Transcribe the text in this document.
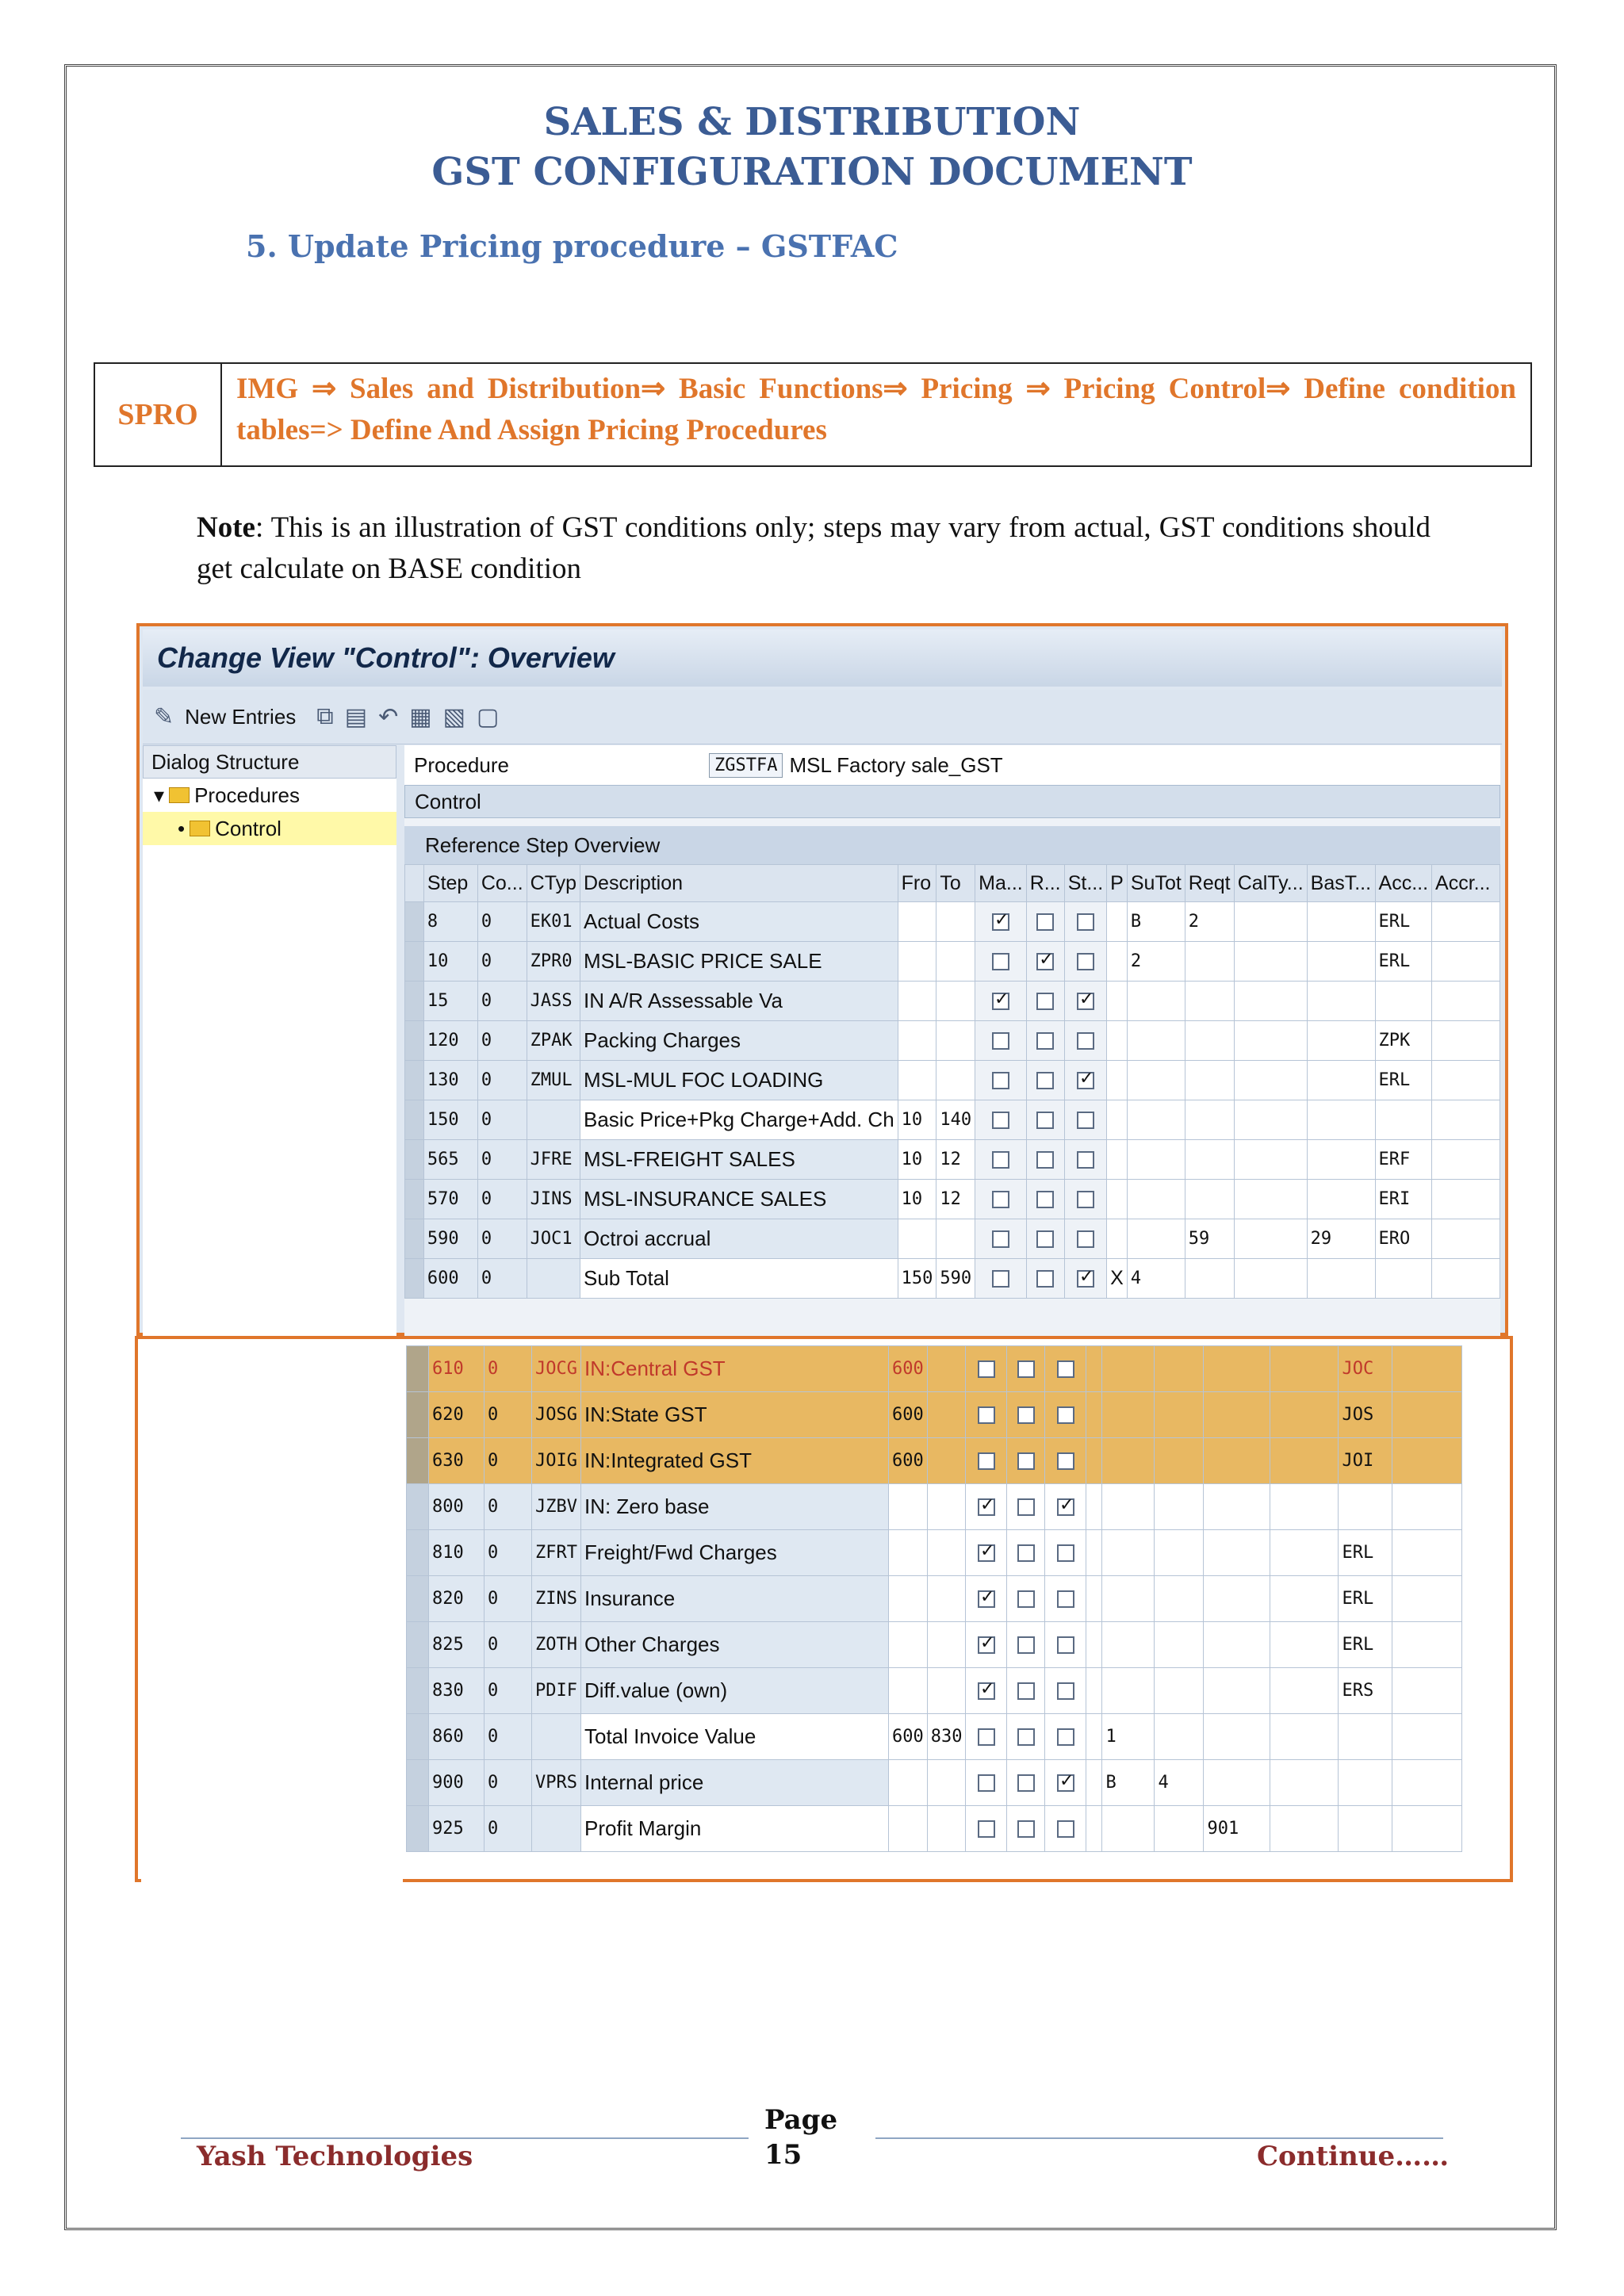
SALES & DISTRIBUTION
GST CONFIGURATION DOCUMENT
5. Update Pricing procedure – GSTFAC
SPRO
IMG ⇒ Sales and Distribution⇒ Basic Functions⇒ Pricing ⇒ Pricing Control⇒ Define condition tables=> Define And Assign Pricing Procedures
Note: This is an illustration of GST conditions only; steps may vary from actual, GST conditions should get calculate on BASE condition
Change View "Control": Overview
✎ New Entries ⧉ ▤ ↶ ▦ ▧ ▢
Dialog Structure
▾ Procedures
• Control
Procedure	ZGSTFA MSL Factory sale_GST
Control
Reference Step Overview
	Step	Co...	CTyp	Description	Fro	To	Ma...	R...	St...	P	SuTot	Reqt	CalTy...	BasT...	Acc...	Accr...
	8	0	EK01	Actual Costs			✓				B	2			ERL	
	10	0	ZPR0	MSL-BASIC PRICE SALE				✓			2				ERL	
	15	0	JASS	IN A/R Assessable Va			✓		✓							
	120	0	ZPAK	Packing Charges											ZPK	
	130	0	ZMUL	MSL-MUL FOC LOADING					✓						ERL	
	150	0		Basic Price+Pkg Charge+Add. Ch	10	140										
	565	0	JFRE	MSL-FREIGHT SALES	10	12									ERF	
	570	0	JINS	MSL-INSURANCE SALES	10	12									ERI	
	590	0	JOC1	Octroi accrual								59		29	ERO	
	600	0		Sub Total	150	590			✓	X	4					
	610	0	JOCG	IN:Central GST	600										JOC	
	620	0	JOSG	IN:State GST	600										JOS	
	630	0	JOIG	IN:Integrated GST	600										JOI	
	800	0	JZBV	IN: Zero base			✓		✓							
	810	0	ZFRT	Freight/Fwd Charges			✓								ERL	
	820	0	ZINS	Insurance			✓								ERL	
	825	0	ZOTH	Other Charges			✓								ERL	
	830	0	PDIF	Diff.value (own)			✓								ERS	
	860	0		Total Invoice Value	600	830					1					
	900	0	VPRS	Internal price					✓		B	4				
	925	0		Profit Margin									901			
Yash Technologies
Page
15	Continue……
